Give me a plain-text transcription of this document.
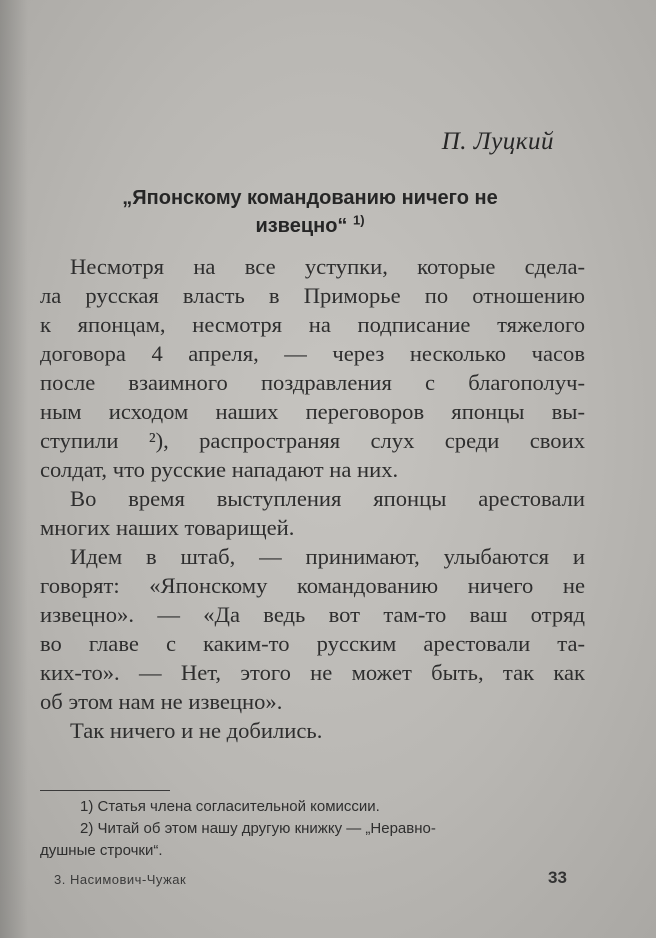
П. Луцкий
„Японскому командованию ничего не
извецно“ $^{1)}$
Несмотря на все уступки, которые сдела-
ла русская власть в Приморье по отношению
к японцам, несмотря на подписание тяжелого
договора 4 апреля, — через несколько часов
после взаимного поздравления с благополуч-
ным исходом наших переговоров японцы вы-
ступили ²), распространяя слух среди своих
солдат, что русские нападают на них.
Во время выступления японцы арестовали
многих наших товарищей.
Идем в штаб, — принимают, улыбаются и
говорят: «Японскому командованию ничего не
извецно». — «Да ведь вот там-то ваш отряд
во главе с каким-то русским арестовали та-
ких-то». — Нет, этого не может быть, так как
об этом нам не извецно».
Так ничего и не добились.
1) Статья члена согласительной комиссии.
2) Читай об этом нашу другую книжку — „Неравно-
душные строчки“.
3. Насимович-Чужак	33
